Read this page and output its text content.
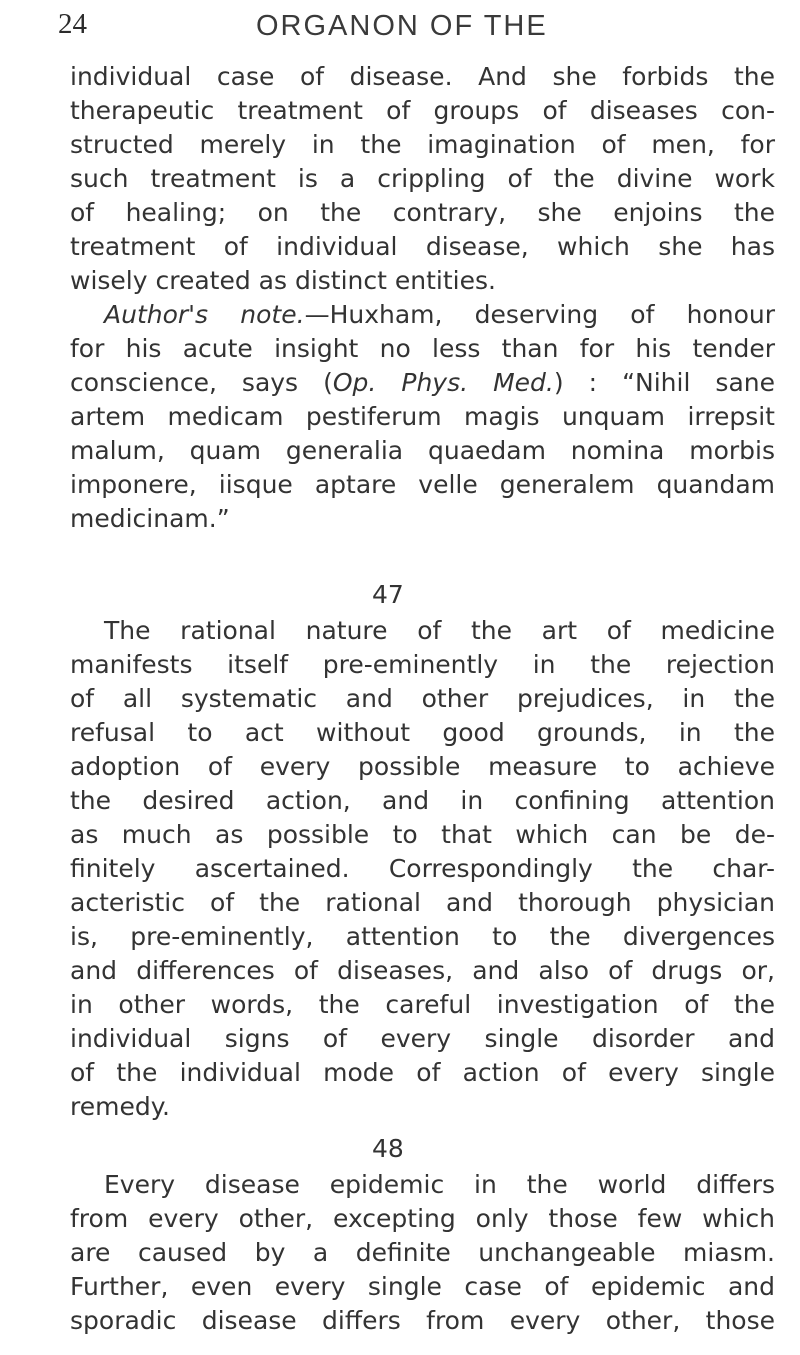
24	ORGANON OF THE
individual case of disease. And she forbids the
therapeutic treatment of groups of diseases con-
structed merely in the imagination of men, for
such treatment is a crippling of the divine work
of healing; on the contrary, she enjoins the
treatment of individual disease, which she has
wisely created as distinct entities.
Author's note.—Huxham, deserving of honour
for his acute insight no less than for his tender
conscience, says (Op. Phys. Med.) : “Nihil sane
artem medicam pestiferum magis unquam irrepsit
malum, quam generalia quaedam nomina morbis
imponere, iisque aptare velle generalem quandam
medicinam.”
47
The rational nature of the art of medicine
manifests itself pre-eminently in the rejection
of all systematic and other prejudices, in the
refusal to act without good grounds, in the
adoption of every possible measure to achieve
the desired action, and in confining attention
as much as possible to that which can be de-
finitely ascertained. Correspondingly the char-
acteristic of the rational and thorough physician
is, pre-eminently, attention to the divergences
and differences of diseases, and also of drugs or,
in other words, the careful investigation of the
individual signs of every single disorder and
of the individual mode of action of every single
remedy.
48
Every disease epidemic in the world differs
from every other, excepting only those few which
are caused by a definite unchangeable miasm.
Further, even every single case of epidemic and
sporadic disease differs from every other, those
